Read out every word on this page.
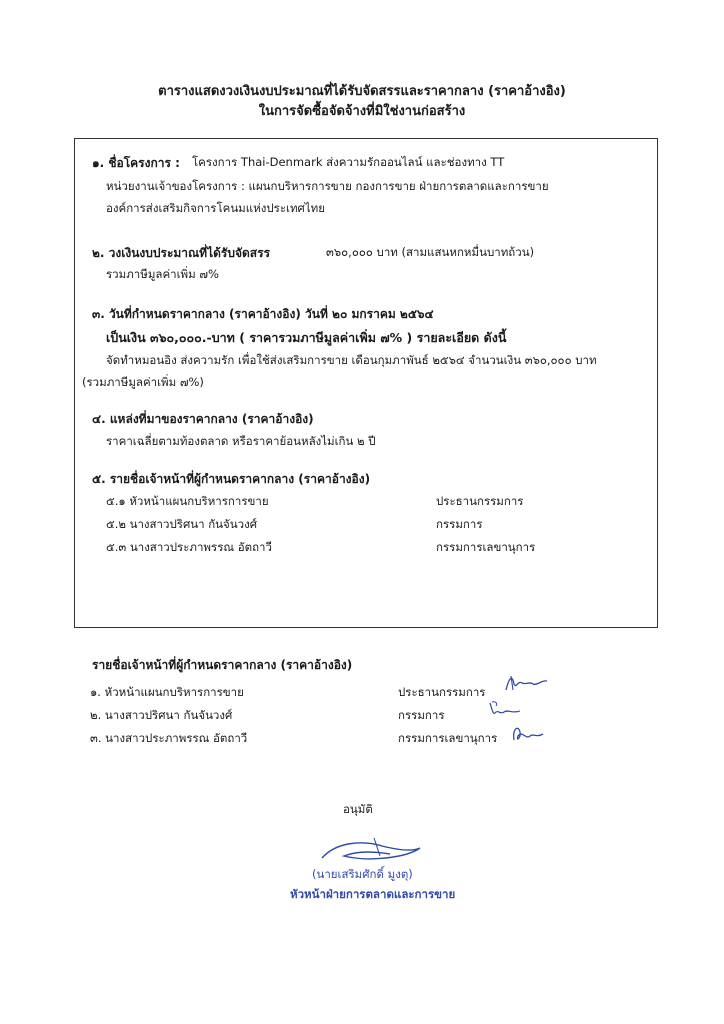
ตารางแสดงวงเงินงบประมาณที่ได้รับจัดสรรและราคากลาง (ราคาอ้างอิง)
ในการจัดซื้อจัดจ้างที่มิใช่งานก่อสร้าง
๑. ชื่อโครงการ : โครงการ Thai-Denmark ส่งความรักออนไลน์ และช่องทาง TT
หน่วยงานเจ้าของโครงการ : แผนกบริหารการขาย กองการขาย ฝ่ายการตลาดและการขาย
องค์การส่งเสริมกิจการโคนมแห่งประเทศไทย
๒. วงเงินงบประมาณที่ได้รับจัดสรร	๓๖๐,๐๐๐ บาท (สามแสนหกหมื่นบาทถ้วน)
รวมภาษีมูลค่าเพิ่ม ๗%
๓. วันที่กำหนดราคากลาง (ราคาอ้างอิง) วันที่ ๒๐ มกราคม ๒๕๖๔
เป็นเงิน ๓๖๐,๐๐๐.-บาท ( ราคารวมภาษีมูลค่าเพิ่ม ๗% ) รายละเอียด ดังนี้
จัดทำหมอนอิง ส่งความรัก เพื่อใช้ส่งเสริมการขาย เดือนกุมภาพันธ์ ๒๕๖๔ จำนวนเงิน ๓๖๐,๐๐๐ บาท
(รวมภาษีมูลค่าเพิ่ม ๗%)
๔. แหล่งที่มาของราคากลาง (ราคาอ้างอิง)
ราคาเฉลี่ยตามท้องตลาด หรือราคาย้อนหลังไม่เกิน ๒ ปี
๕. รายชื่อเจ้าหน้าที่ผู้กำหนดราคากลาง (ราคาอ้างอิง)
๕.๑ หัวหน้าแผนกบริหารการขาย	ประธานกรรมการ
๕.๒ นางสาวปริศนา กันจันวงศ์	กรรมการ
๕.๓ นางสาวประภาพรรณ อัตถาวี	กรรมการเลขานุการ
รายชื่อเจ้าหน้าที่ผู้กำหนดราคากลาง (ราคาอ้างอิง)
๑. หัวหน้าแผนกบริหารการขาย	ประธานกรรมการ
๒. นางสาวปริศนา กันจันวงศ์	กรรมการ
๓. นางสาวประภาพรรณ อัตถาวี	กรรมการเลขานุการ
อนุมัติ
(นายเสริมศักดิ์ มูงตุ)
หัวหน้าฝ่ายการตลาดและการขาย
